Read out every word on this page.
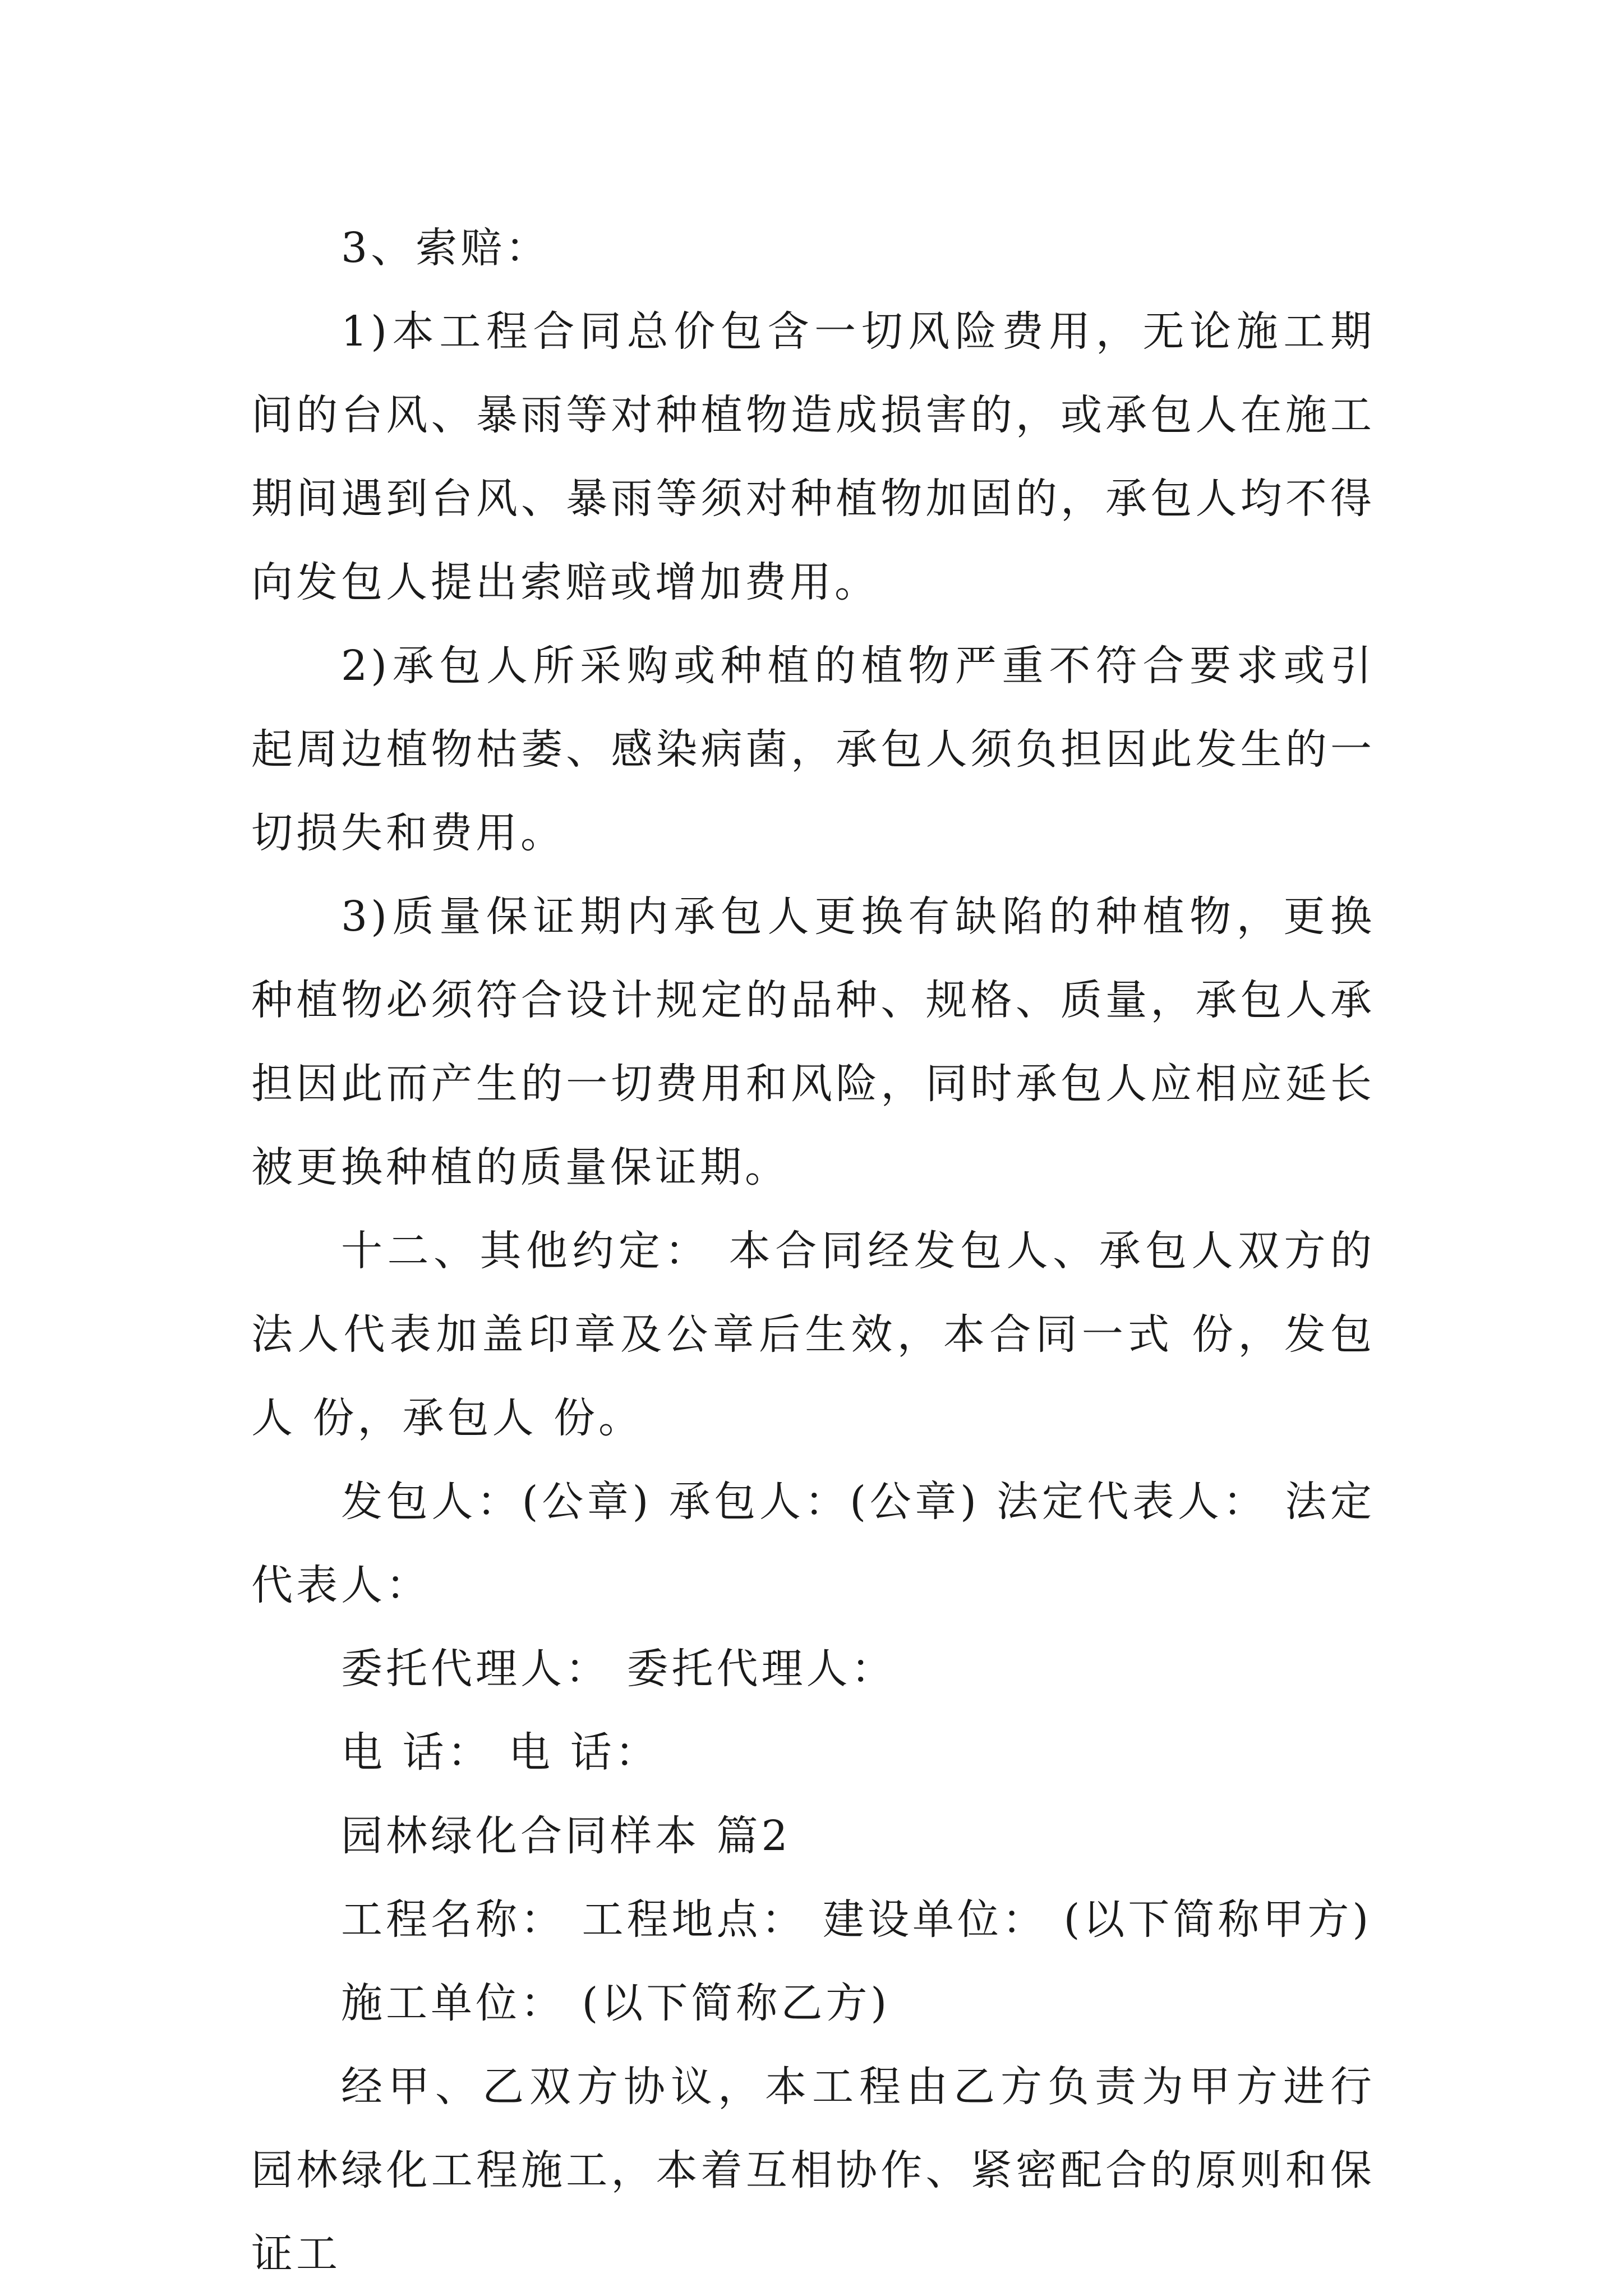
3、索赔：

1)本工程合同总价包含一切风险费用，无论施工期间的台风、暴雨等对种植物造成损害的，或承包人在施工期间遇到台风、暴雨等须对种植物加固的，承包人均不得向发包人提出索赔或增加费用。

2)承包人所采购或种植的植物严重不符合要求或引起周边植物枯萎、感染病菌，承包人须负担因此发生的一切损失和费用。

3)质量保证期内承包人更换有缺陷的种植物，更换种植物必须符合设计规定的品种、规格、质量，承包人承担因此而产生的一切费用和风险，同时承包人应相应延长被更换种植的质量保证期。

十二、其他约定： 本合同经发包人、承包人双方的法人代表加盖印章及公章后生效，本合同一式 份，发包人 份，承包人 份。

发包人：(公章) 承包人：(公章) 法定代表人： 法定代表人：

委托代理人： 委托代理人：

电 话： 电 话：

园林绿化合同样本 篇2

工程名称： 工程地点： 建设单位： (以下简称甲方)

施工单位： (以下简称乙方)

经甲、乙双方协议，本工程由乙方负责为甲方进行 园林绿化工程施工，本着互相协作、紧密配合的原则和保证工
